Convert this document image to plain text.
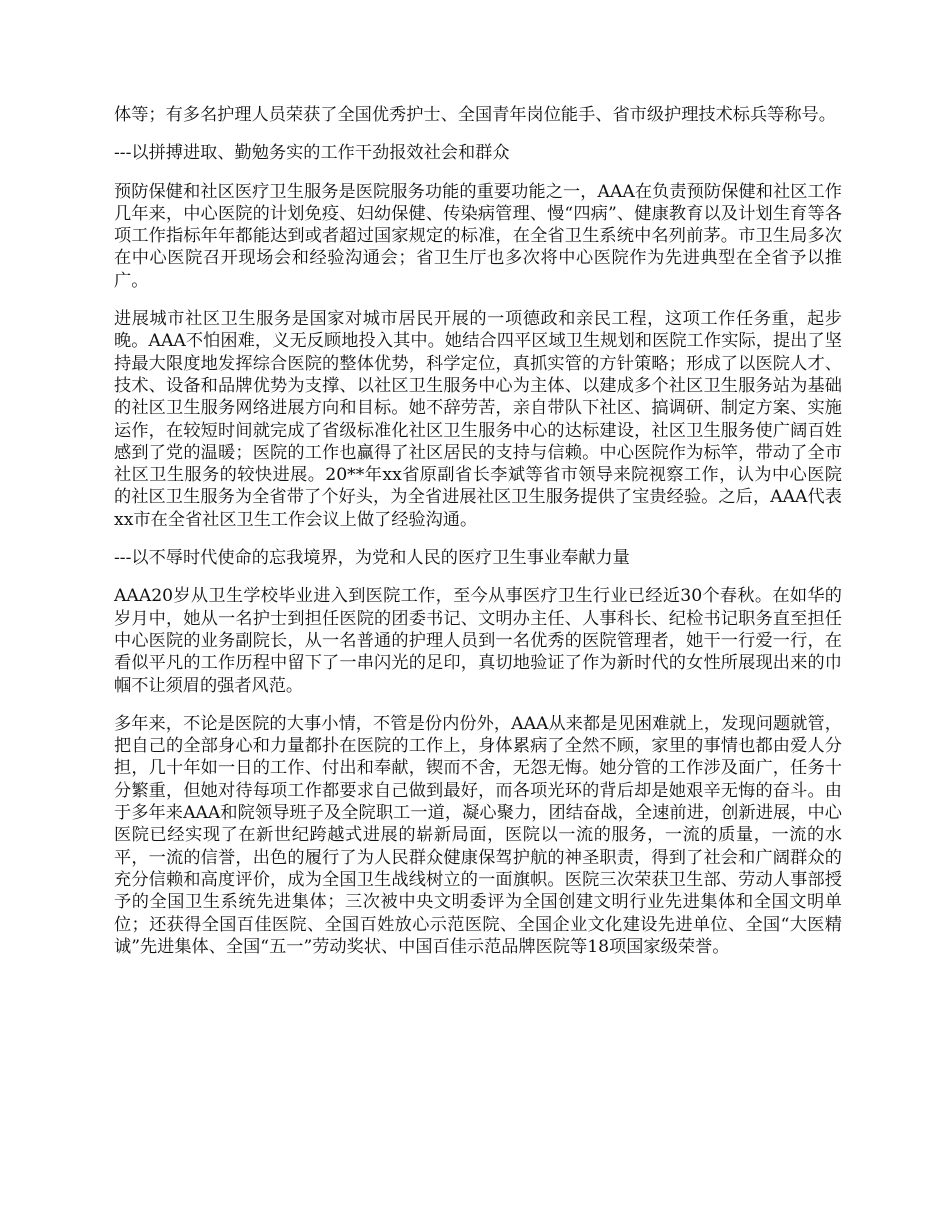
体等；有多名护理人员荣获了全国优秀护士、全国青年岗位能手、省市级护理技术标兵等称号。

---以拼搏进取、勤勉务实的工作干劲报效社会和群众

预防保健和社区医疗卫生服务是医院服务功能的重要功能之一，AAA在负责预防保健和社区工作几年来，中心医院的计划免疫、妇幼保健、传染病管理、慢“四病”、健康教育以及计划生育等各项工作指标年年都能达到或者超过国家规定的标准，在全省卫生系统中名列前茅。市卫生局多次在中心医院召开现场会和经验沟通会；省卫生厅也多次将中心医院作为先进典型在全省予以推广。

进展城市社区卫生服务是国家对城市居民开展的一项德政和亲民工程，这项工作任务重，起步晚。AAA不怕困难，义无反顾地投入其中。她结合四平区域卫生规划和医院工作实际，提出了坚持最大限度地发挥综合医院的整体优势，科学定位，真抓实管的方针策略；形成了以医院人才、技术、设备和品牌优势为支撑、以社区卫生服务中心为主体、以建成多个社区卫生服务站为基础的社区卫生服务网络进展方向和目标。她不辞劳苦，亲自带队下社区、搞调研、制定方案、实施运作，在较短时间就完成了省级标准化社区卫生服务中心的达标建设，社区卫生服务使广阔百姓感到了党的温暖；医院的工作也赢得了社区居民的支持与信赖。中心医院作为标竿，带动了全市社区卫生服务的较快进展。20**年xx省原副省长李斌等省市领导来院视察工作，认为中心医院的社区卫生服务为全省带了个好头，为全省进展社区卫生服务提供了宝贵经验。之后，AAA代表xx市在全省社区卫生工作会议上做了经验沟通。

---以不辱时代使命的忘我境界，为党和人民的医疗卫生事业奉献力量

AAA20岁从卫生学校毕业进入到医院工作，至今从事医疗卫生行业已经近30个春秋。在如华的岁月中，她从一名护士到担任医院的团委书记、文明办主任、人事科长、纪检书记职务直至担任中心医院的业务副院长，从一名普通的护理人员到一名优秀的医院管理者，她干一行爱一行，在看似平凡的工作历程中留下了一串闪光的足印，真切地验证了作为新时代的女性所展现出来的巾帼不让须眉的强者风范。

多年来，不论是医院的大事小情，不管是份内份外，AAA从来都是见困难就上，发现问题就管，把自己的全部身心和力量都扑在医院的工作上，身体累病了全然不顾，家里的事情也都由爱人分担，几十年如一日的工作、付出和奉献，锲而不舍，无怨无悔。她分管的工作涉及面广，任务十分繁重，但她对待每项工作都要求自己做到最好，而各项光环的背后却是她艰辛无悔的奋斗。由于多年来AAA和院领导班子及全院职工一道，凝心聚力，团结奋战，全速前进，创新进展，中心医院已经实现了在新世纪跨越式进展的崭新局面，医院以一流的服务，一流的质量，一流的水平，一流的信誉，出色的履行了为人民群众健康保驾护航的神圣职责，得到了社会和广阔群众的充分信赖和高度评价，成为全国卫生战线树立的一面旗帜。医院三次荣获卫生部、劳动人事部授予的全国卫生系统先进集体；三次被中央文明委评为全国创建文明行业先进集体和全国文明单位；还获得全国百佳医院、全国百姓放心示范医院、全国企业文化建设先进单位、全国“大医精诚”先进集体、全国“五一”劳动奖状、中国百佳示范品牌医院等18项国家级荣誉。
